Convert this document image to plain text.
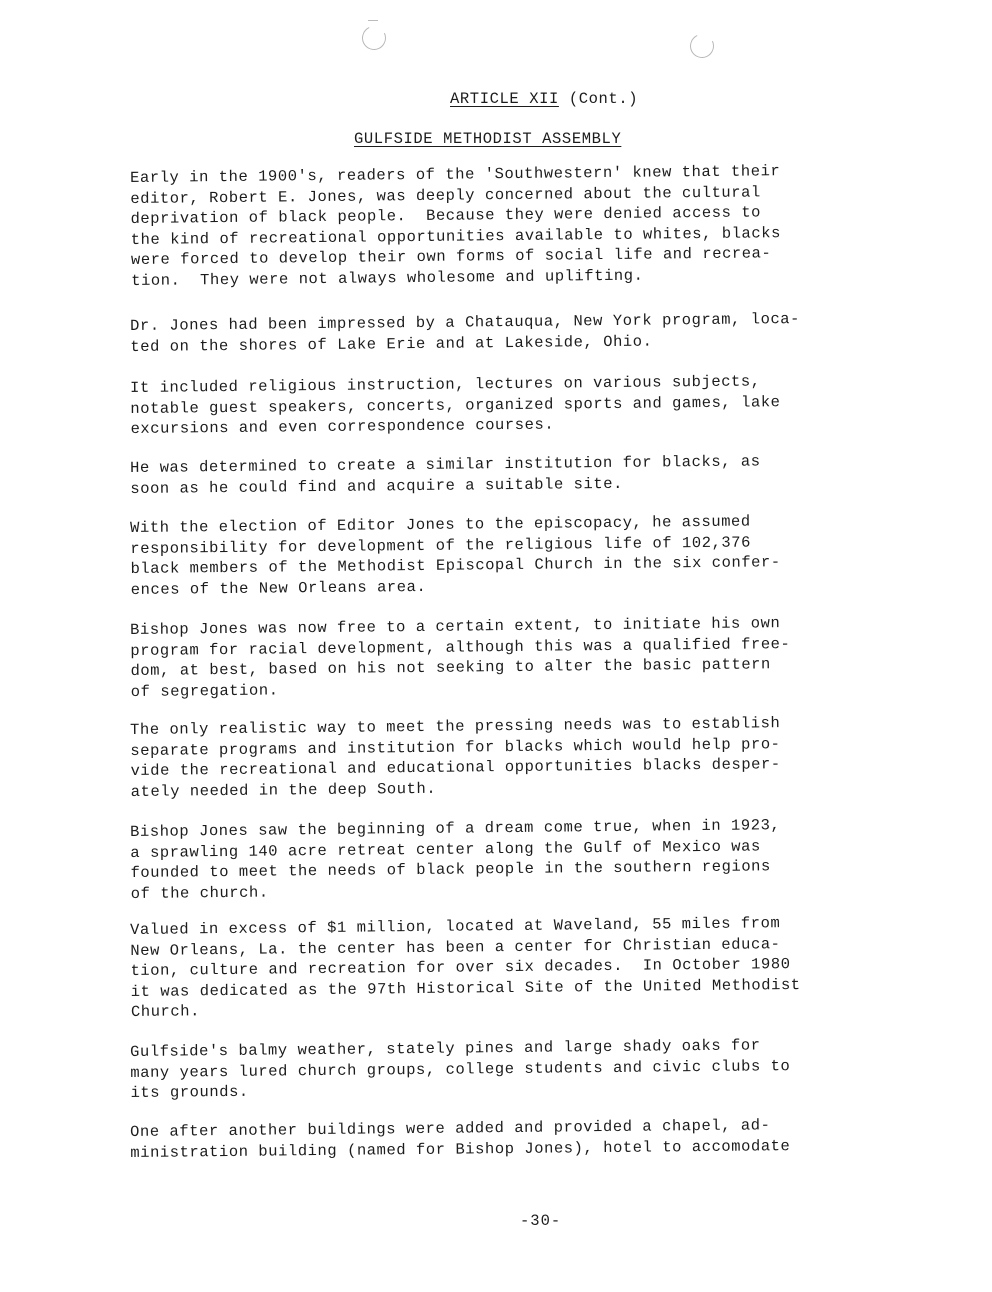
ARTICLE XII (Cont.)
GULFSIDE METHODIST ASSEMBLY

Early in the 1900's, readers of the 'Southwestern' knew that their
editor, Robert E. Jones, was deeply concerned about the cultural
deprivation of black people.  Because they were denied access to
the kind of recreational opportunities available to whites, blacks
were forced to develop their own forms of social life and recrea-
tion.  They were not always wholesome and uplifting.

Dr. Jones had been impressed by a Chatauqua, New York program, loca-
ted on the shores of Lake Erie and at Lakeside, Ohio.

It included religious instruction, lectures on various subjects,
notable guest speakers, concerts, organized sports and games, lake
excursions and even correspondence courses.

He was determined to create a similar institution for blacks, as
soon as he could find and acquire a suitable site.

With the election of Editor Jones to the episcopacy, he assumed
responsibility for development of the religious life of 102,376
black members of the Methodist Episcopal Church in the six confer-
ences of the New Orleans area.

Bishop Jones was now free to a certain extent, to initiate his own
program for racial development, although this was a qualified free-
dom, at best, based on his not seeking to alter the basic pattern
of segregation.

The only realistic way to meet the pressing needs was to establish
separate programs and institution for blacks which would help pro-
vide the recreational and educational opportunities blacks desper-
ately needed in the deep South.

Bishop Jones saw the beginning of a dream come true, when in 1923,
a sprawling 140 acre retreat center along the Gulf of Mexico was
founded to meet the needs of black people in the southern regions
of the church.

Valued in excess of $1 million, located at Waveland, 55 miles from
New Orleans, La. the center has been a center for Christian educa-
tion, culture and recreation for over six decades.  In October 1980
it was dedicated as the 97th Historical Site of the United Methodist
Church.

Gulfside's balmy weather, stately pines and large shady oaks for
many years lured church groups, college students and civic clubs to
its grounds.

One after another buildings were added and provided a chapel, ad-
ministration building (named for Bishop Jones), hotel to accomodate

-30-
